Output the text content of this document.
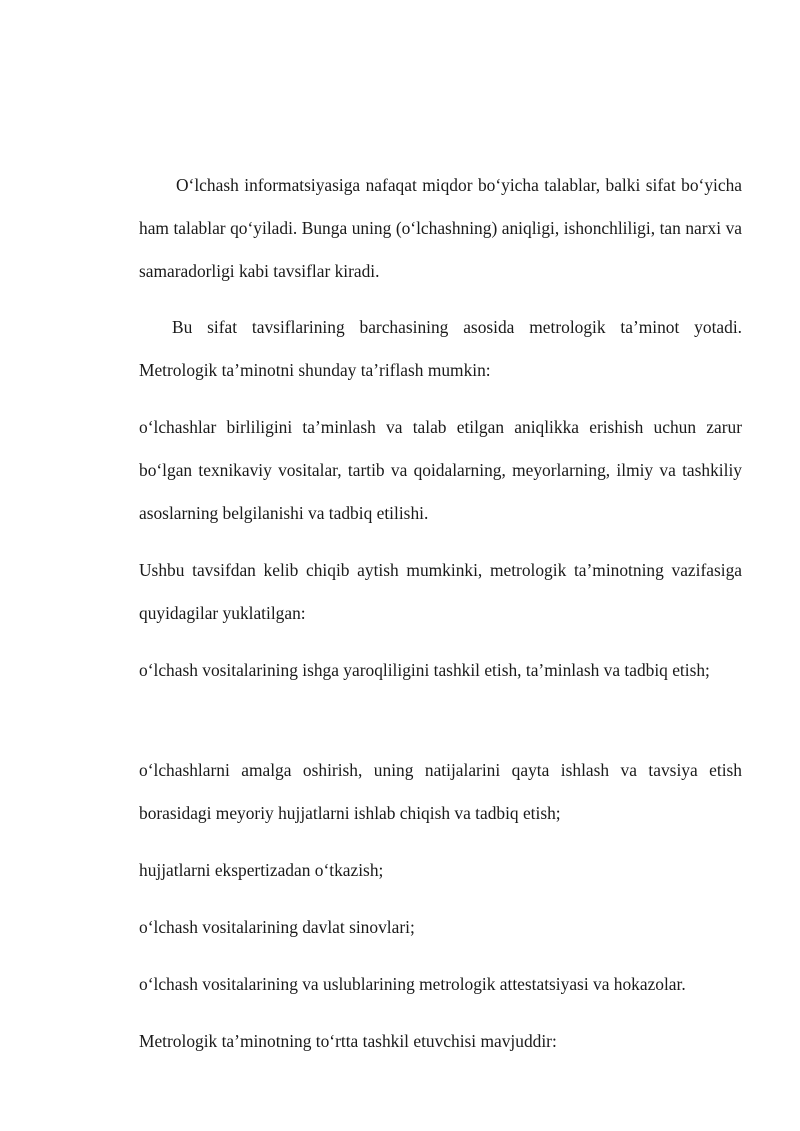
O‘lchash informatsiyasiga nafaqat miqdor bo‘yicha talablar, balki sifat bo‘yicha ham talablar qo‘yiladi. Bunga uning (o‘lchashning) aniqligi, ishonchliligi, tan narxi va samaradorligi kabi tavsiflar kiradi.

Bu sifat tavsiflarining barchasining asosida metrologik ta’minot yotadi. Metrologik ta’minotni shunday ta’riflash mumkin:

o‘lchashlar birliligini ta’minlash va talab etilgan aniqlikka erishish uchun zarur bo‘lgan texnikaviy vositalar, tartib va qoidalarning, meyorlarning, ilmiy va tashkiliy asoslarning belgilanishi va tadbiq etilishi.

Ushbu tavsifdan kelib chiqib aytish mumkinki, metrologik ta’minotning vazifasiga quyidagilar yuklatilgan:

o‘lchash vositalarining ishga yaroqliligini tashkil etish, ta’minlash va tadbiq etish;

o‘lchashlarni amalga oshirish, uning natijalarini qayta ishlash va tavsiya etish borasidagi meyoriy hujjatlarni ishlab chiqish va tadbiq etish;

hujjatlarni ekspertizadan o‘tkazish;

o‘lchash vositalarining davlat sinovlari;

o‘lchash vositalarining va uslublarining metrologik attestatsiyasi va hokazolar.

Metrologik ta’minotning to‘rtta tashkil etuvchisi mavjuddir:
